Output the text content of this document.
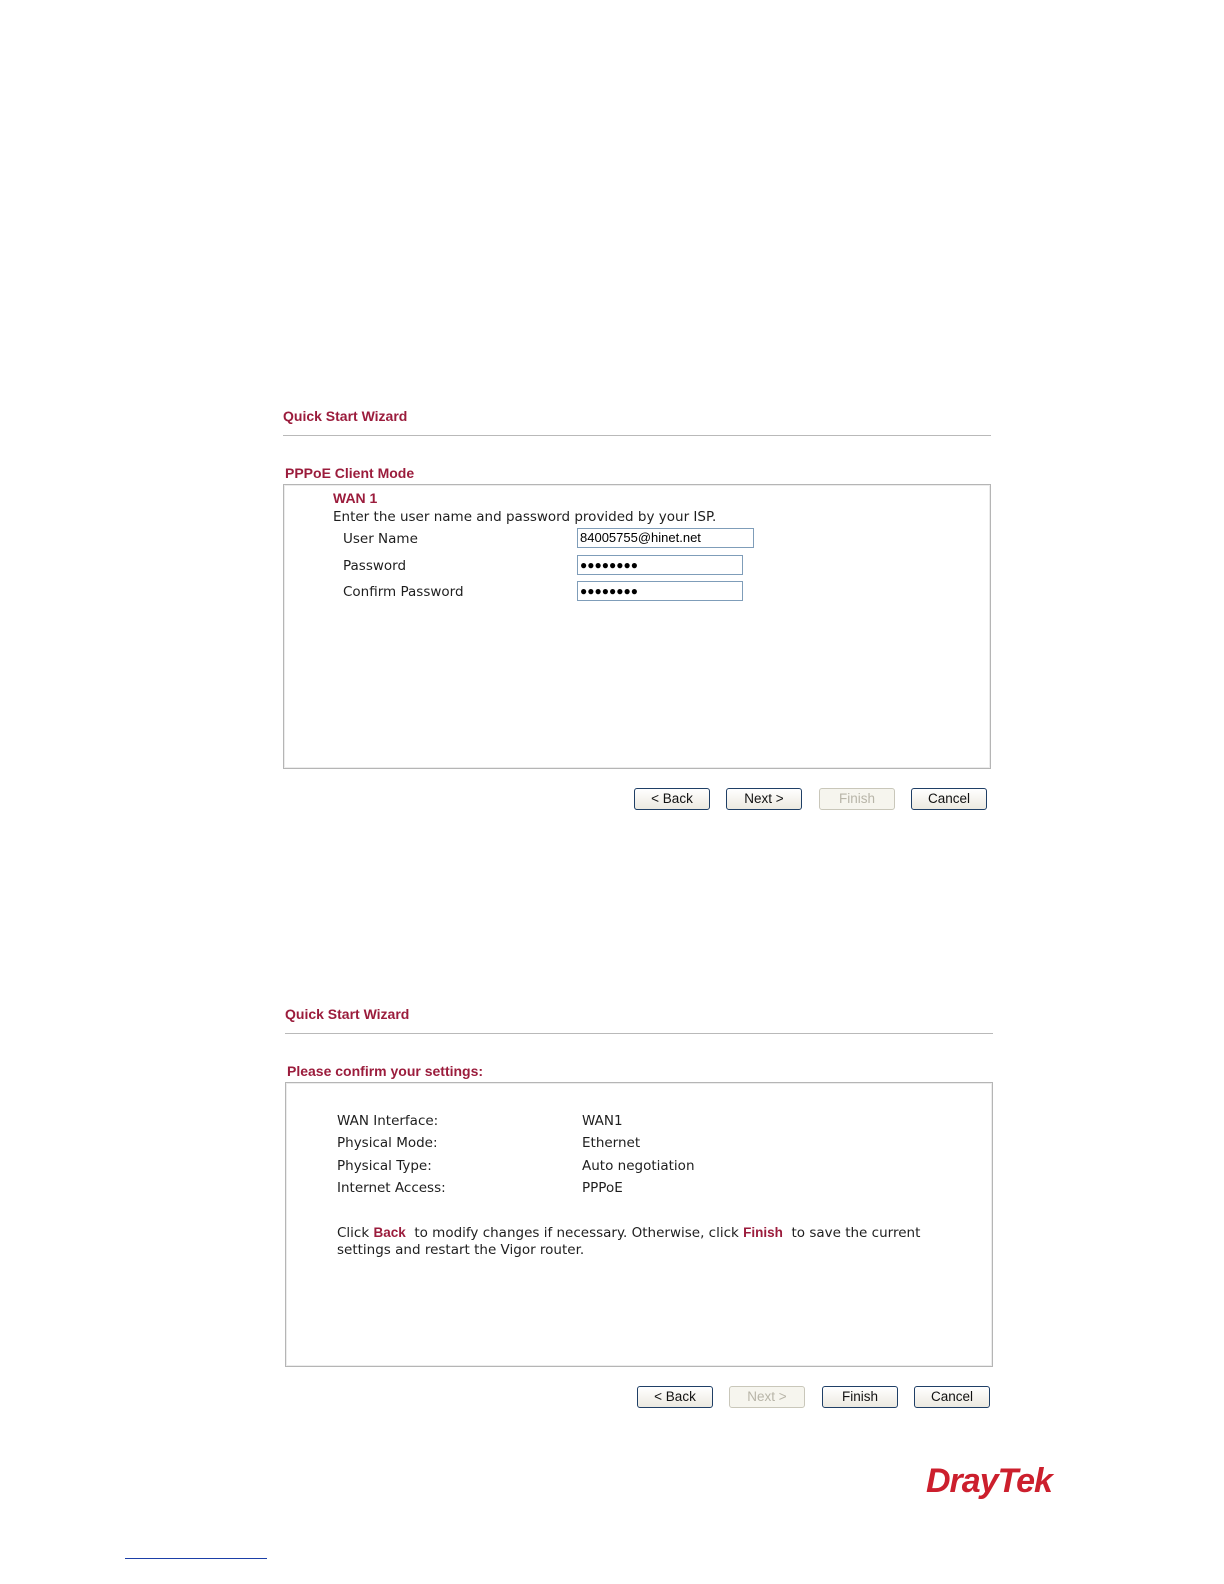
Quick Start Wizard
PPPoE Client Mode
WAN 1
Enter the user name and password provided by your ISP.
User Name	84005755@hinet.net
Password	●●●●●●●●
Confirm Password	●●●●●●●●
< Back	Next >	Finish	Cancel
Quick Start Wizard
Please confirm your settings:
WAN Interface:	WAN1
Physical Mode:	Ethernet
Physical Type:	Auto negotiation
Internet Access:	PPPoE
Click Back  to modify changes if necessary. Otherwise, click Finish  to save the current settings and restart the Vigor router.
< Back	Next >	Finish	Cancel
DrayTek
